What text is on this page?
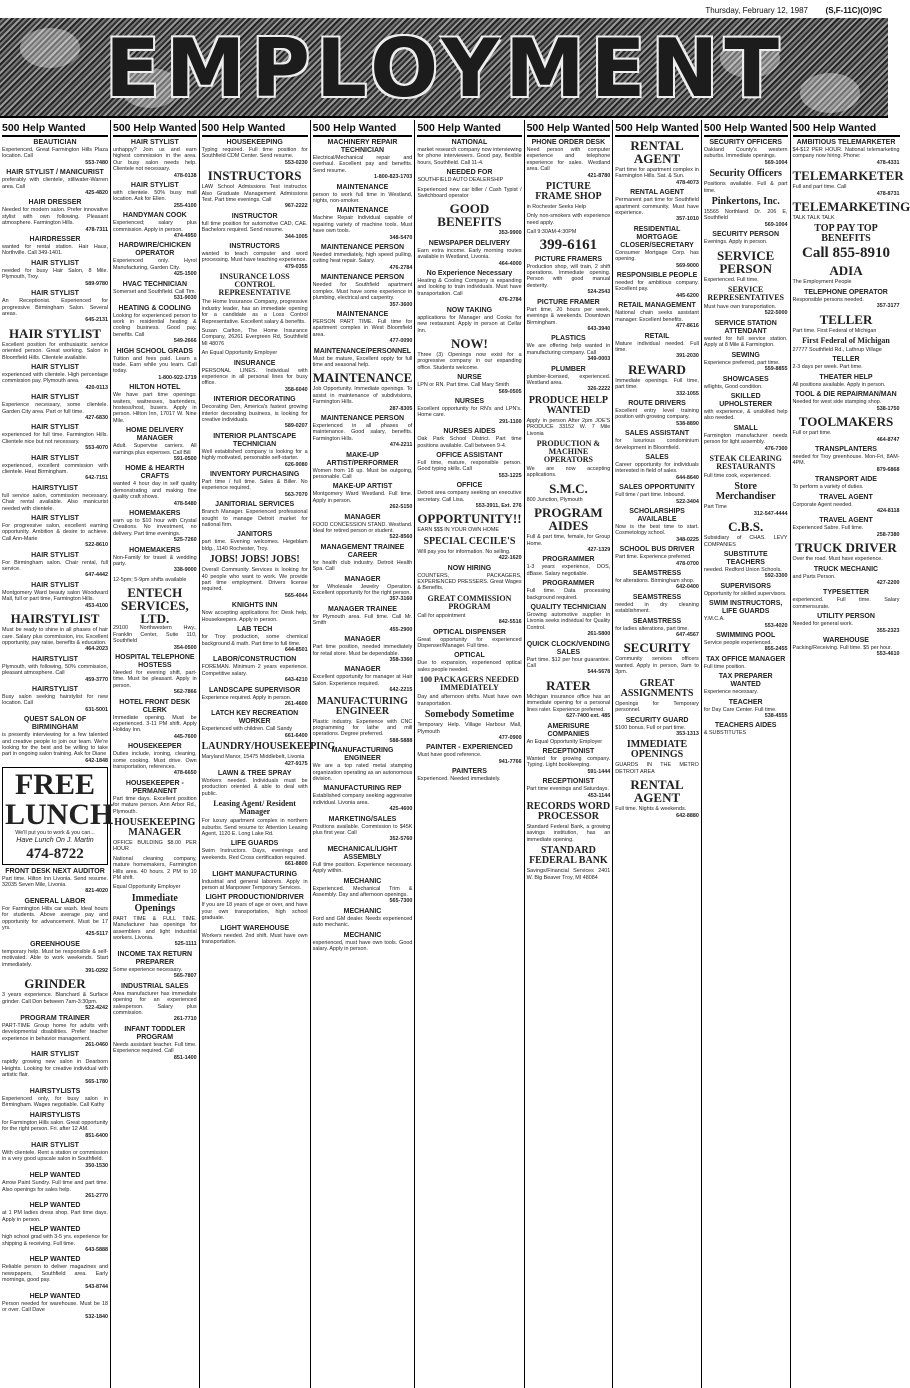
Thursday, February 12, 1987 (S,F-11C)(O)9C
EMPLOYMENT
500 Help Wanted
BEAUTICIAN
Experienced, Great Farmington Hills Plaza location. Call
553-7480
HAIR STYLIST / MANICURIST
preferably with clientele, stillwater-Warren area. Call
425-4820
HAIR DRESSER
Needed for modern salon. Prefer innovative stylist with own following. Pleasant atmosphere. Farmington Hills.
478-7311
HAIRDRESSER
wanted for rental station. Hair Haus, Northville. Call 349-1401.
HAIR STYLIST
needed for busy Hair Salon, 8 Mile. Plymouth, Troy.
589-9780
HAIR STYLIST
An Receptionist. Experienced for progressive Birmingham Salon. Several areas.
645-2131
HAIR STYLIST
Excellent position for enthusiastic service oriented person. Great working. Salon in Bloomfield Hills. Clientele available.
HAIR STYLIST
experienced with clientele. High percentage commission pay. Plymouth area.
420-0113
HAIR STYLIST
Experience necessary, some clientele. Garden City area. Part or full time.
427-6830
HAIR STYLIST
experienced for full time. Farmington Hills. Clientele nice but not necessary.
553-4070
HAIR STYLIST
experienced, excellent commission with clientele. Heat Birmingham.
642-7151
HAIRSTYLIST
full service salon, commission necessary. Chair rental available. Also manicurist needed with clientele.
HAIR STYLIST
For progressive salon, excellent earning opportunity. Ambition & desire to achieve. Call Ann-Marie
522-8610
HAIR STYLIST
For Birmingham salon. Chair rental, full service.
647-4442
HAIR STYLIST
Montgomery Ward beauty salon Woodward Mall, full or part time, Farmington Hills.
453-4100
HAIRSTYLIST
Must be ready to shine in all phases of hair care. Salary plus commission, ins. Excellent opportunity, pay raise, benefits & education.
464-2023
HAIRSTYLIST
Plymouth, with following, 50% commission, pleasant atmosphere. Call
459-3770
HAIRSTYLIST
Busy salon seeking hairstylist for new location. Call
631-5001
QUEST SALON OF BIRMINGHAM
is presently interviewing for a few talented and creative people to join our team. We're looking for the best and be willing to take part in ongoing salon training. Ask for Diane
642-1848
FREE
LUNCH
We'll put you to work & you can...
Have Lunch On J. Martin
474-8722
FRONT DESK NEXT AUDITOR
Part time. Hilton Inn Livonia. Send resume. 32035 Seven Mile, Livonia.
821-4020
GENERAL LABOR
For Farmington Hills car wash. Ideal hours for students. Above average pay and opportunity for advancement. Must be 17 yrs.
425-5117
GREENHOUSE
temporary help. Must be responsible & self-motivated. Able to work weekends. Start immediately.
391-0292
GRINDER
3 years experience. Blanchard & Surface grinder. Call Don between 7am-3:30pm.
522-4242
PROGRAM TRAINER
PART-TIME Group home for adults with developmental disabilities. Prefer teacher experience in behavior management.
261-0460
HAIR STYLIST
rapidly growing new salon in Dearborn Heights. Looking for creative individual with artistic flair.
565-1780
HAIRSTYLISTS
Experienced only, for busy salon in Birmingham. Wages negotiable. Call Kathy
HAIRSTYLISTS
for Farmington Hills salon. Great opportunity for the right person. Fri. after 12 AM.
851-6400
HAIR STYLIST
With clientele. Rent a station or commission in a very good upscale salon in Southfield.
350-1530
HELP WANTED
Arrow Paint Sundry. Full time and part time. Also openings for sales help.
261-2770
HELP WANTED
at 1 PM ladies dress shop. Part time days. Apply in person.
HELP WANTED
high school grad with 3-5 yrs. experience for shipping & receiving. Full time.
643-5888
HELP WANTED
Reliable person to deliver magazines and newspapers, Southfield area. Early mornings, good pay.
543-8744
HELP WANTED
Person needed for warehouse. Must be 18 or over. Call Dave
532-1840
500 Help Wanted
HAIR STYLIST
unhappy? Join us and earn highest commission in the area. Our busy salon needs help. Clientele not necessary.
478-0138
HAIR STYLIST
with clientele. 50% busy mall location. Ask for Ellen.
255-4100
HANDYMAN COOK
Experienced; salary plus commission. Apply in person.
474-4950
HARDWIRE/CHICKEN OPERATOR
Experienced only. Hyrol Manufacturing, Garden City.
425-1500
HVAC TECHNICIAN
Somerset and Southfield. Call Tim.
531-9030
HEATING & COOLING
Looking for experienced person to work in residential heating & cooling business. Good pay, benefits. Call
549-2666
HIGH SCHOOL GRADS
Tuition and fees paid. Learn a trade. Earn while you learn. Call today.
1-800-922-1719
HILTON HOTEL
We have part time openings: waiters, waitresses, bartenders, hostess/host, busers. Apply in person. Hilton Inn, 17017 W. Nine Mile.
HOME DELIVERY MANAGER
Adult. Supervise carriers. All earnings plus expenses. Call Bill
591-0500
HOME & HEARTH CRAFTS
wanted 4 hour day in self quality demonstrating and making fine quality craft shows.
478-5480
HOMEMAKERS
earn up to $10 hour with Crystal Creations. No investment, no delivery. Part time evenings.
525-7260
HOMEMAKERS
Non-Family for travel & wedding party.
338-9000
12-5pm; 5-9pm shifts available
ENTECH SERVICES, LTD.
29100 Northwestern Hwy., Franklin Center, Suite 110, Southfield
354-0500
HOSPITAL TELEPHONE HOSTESS
Needed for evening shift, part-time. Must be pleasant. Apply in person.
562-7866
HOTEL FRONT DESK CLERK
Immediate opening. Must be experienced. 3-11 PM shift. Apply Holiday Inn.
445-7600
HOUSEKEEPER
Duties include, ironing, cleaning, some cooking. Must drive. Own transportation, references.
478-6650
HOUSEKEEPER - PERMANENT
Part time days. Excellent position for mature person. Ann Arbor Rd., Plymouth.
HOUSEKEEPING MANAGER
OFFICE BUILDING $8.00 PER HOUR
National cleaning company, mature homemakers, Farmington Hills area. 40 hours. 2 PM to 10 PM shift.
Equal Opportunity Employer
Immediate Openings
PART TIME & FULL TIME. Manufacturer has openings for assemblers and light industrial workers. Livonia.
525-1111
INCOME TAX RETURN PREPARER
Some experience necessary.
565-7807
INDUSTRIAL SALES
Area manufacturer has immediate opening for an experienced salesperson. Salary plus commission.
261-7710
INFANT TODDLER PROGRAM
Needs assistant teacher. Full time. Experience required. Call
851-1400
500 Help Wanted
HOUSEKEEPING
Typing required. Full time position for Southfield CDM Center. Send resume.
553-0230
INSTRUCTORS
LAW School Admissions Test instructor. Also Graduate Management Admissions Test. Part time evenings. Call
967-2222
INSTRUCTOR
full time position for automotive CAD, CAE. Bachelors required. Send resume.
344-1005
INSTRUCTORS
wanted to teach computer and word processing. Must have teaching experience.
479-0355
INSURANCE LOSS CONTROL REPRESENTATIVE
The Home Insurance Company, progressive industry leader, has an immediate opening for a candidate as a Loss Control Representative. Excellent salary & benefits.
Susan Carlton, The Home Insurance Company, 26261 Evergreen Rd, Southfield MI 48076
An Equal Opportunity Employer
INSURANCE
PERSONAL LINES. Individual with experience in all personal lines for busy office.
358-6040
INTERIOR DECORATING
Decorating Den, America's fastest growing interior decorating business, is looking for creative individuals.
589-0207
INTERIOR PLANTSCAPE TECHNICIAN
Well established company is looking for a highly motivated, personable self-starter.
626-9080
INVENTORY PURCHASING
Part time / full time. Sales & Biller. No experience required.
563-7070
JANITORIAL SERVICES
Branch Manager. Experienced professional sought to manage Detroit market for national firm.
JANITORS
part time. Evening welcomes. Hegeblam bldg., 1140 Rochester, Troy.
JOBS! JOBS! JOBS!
Overall Community Services is looking for 40 people who want to work. We provide part time employment. Drivers license required.
565-4044
KNIGHTS INN
Now accepting applications for: Desk help, Housekeepers. Apply in person.
LAB TECH
for Troy production, some chemical background & math. Part time to full time.
644-8501
LABOR/CONSTRUCTION
FOREMAN. Minimum 2 years experience. Competitive salary.
643-4210
LANDSCAPE SUPERVISOR
Experience required. Apply in person.
261-4600
LATCH KEY RECREATION WORKER
Experienced with children. Call Sandy
661-6400
LAUNDRY/HOUSEKEEPING
Maryland Manor, 15475 Middlebelt, Livonia
427-9175
LAWN & TREE SPRAY
Workers needed. Individuals must be production oriented & able to deal with public.
Leasing Agent/ Resident Manager
For luxury apartment complex in northern suburbs. Send resume to: Attention Leasing Agent, 1120 E. Long Lake Rd.
LIFE GUARDS
Swim Instructors. Days, evenings and weekends. Red Cross certification required.
661-8800
LIGHT MANUFACTURING
Industrial and general laborers. Apply in person at Manpower Temporary Services.
LIGHT PRODUCTION/DRIVER
If you are 18 years of age or over, and have your own transportation, high school graduate.
LIGHT WAREHOUSE
Workers needed. 2nd shift. Must have own transportation.
500 Help Wanted
MACHINERY REPAIR TECHNICIAN
Electrical/Mechanical repair and overhaul. Excellent pay and benefits. Send resume.
1-800-823-1703
MAINTENANCE
person to work full time in Westland, nights, non-smoker.
MAINTENANCE
Machine Repair Individual capable of repairing variety of machine tools. Must have own tools.
348-5470
MAINTENANCE PERSON
Needed immediately, high speed pulling, cutting heat repair. Salary.
476-2784
MAINTENANCE PERSON
Needed for Southfield apartment complex. Must have some experience in plumbing, electrical and carpentry.
357-3600
MAINTENANCE
PERSON PART TIME. Full time for apartment complex in West Bloomfield area.
477-0090
MAINTENANCE/PERSONNEL
Must be mature, Excellent oppty for full time and seasonal help.
MAINTENANCE
Job Opportunity. Immediate openings. To assist in maintenance of subdivisions, Farmington Hills.
287-8305
MAINTENANCE PERSON
Experienced in all phases of maintenance. Good salary, benefits. Farmington Hills.
474-2211
MAKE-UP ARTIST/PERFORMER
Women from 18 up. Must be outgoing, personable. Call
MAKE-UP ARTIST
Montgomery Ward Westland. Full time. Apply in person.
262-5150
MANAGER
FOOD CONCESSION STAND. Westland. Ideal for retired person or student.
522-8560
MANAGEMENT TRAINEE CAREER
for health club industry. Detroit Health Spa. Call
MANAGER
for Wholesale Jewelry Operation. Excellent opportunity for the right person.
357-3160
MANAGER TRAINEE
for Plymouth area. Full time. Call Mr. Smith
455-2900
MANAGER
Part time position, needed immediately for retail store. Must be dependable.
358-3360
MANAGER
Excellent opportunity for manager at Hair Salon. Experience required.
642-2215
MANUFACTURING ENGINEER
Plastic industry. Experience with CNC programming for lathe and mill operations. Degree preferred.
588-5888
MANUFACTURING ENGINEER
We are a top rated metal stamping organization operating as an autonomous division.
MANUFACTURING REP
Established company seeking aggressive individual. Livonia area.
425-4600
MARKETING/SALES
Positions available. Commission to $45K plus first year. Call
352-5760
MECHANICAL/LIGHT ASSEMBLY
Full time position. Experience necessary. Apply within.
MECHANIC
Experienced. Mechanical Trim & Assembly. Day and afternoon openings.
565-7300
MECHANIC
Ford and GM dealer. Needs experienced auto mechanic.
MECHANIC
experienced, must have own tools. Good salary. Apply in person.
500 Help Wanted
NATIONAL
market research company now interviewing for phone interviewers. Good pay, flexible hours, Southfield. Call 11-4.
NEEDED FOR
SOUTHFIELD AUTO DEALERSHIP
Experienced new car biller / Cash Typist / Switchboard operator
GOOD BENEFITS
353-9900
NEWSPAPER DELIVERY
Earn extra income. Early morning routes available in Westland, Livonia.
464-4000
No Experience Necessary
Heating & Cooling Company is expanding and looking to train individuals. Must have transportation. Call
476-2784
NOW TAKING
applications for Manager and Cooks for new restaurant. Apply in person at Cellar Inn.
NOW!
Three (3) Openings now exist for a progressive company in our expanding office. Students welcome.
NURSE
LPN or RN. Part time. Call Mary Smith
569-0505
NURSES
Excellent opportunity for RN's and LPN's. Home care.
291-1100
NURSES AIDES
Oak Park School District. Part time positions available. Call between 9-4.
OFFICE ASSISTANT
Full time, mature, responsible person. Good typing skills. Call
553-1225
OFFICE
Detroit area company seeking an executive secretary. Call Lisa.
553-3911, Ext. 276
OPPORTUNITY!!
EARN $$$ IN YOUR OWN HOME
SPECIAL CECILE'S
Will pay you for information. No selling.
422-1620
NOW HIRING
COUNTERS, PACKAGERS, EXPERIENCED PRESSERS. Great Wages & Benefits.
GREAT COMMISSION PROGRAM
Call for appointment
842-5516
OPTICAL DISPENSER
Great opportunity for experienced Dispenser/Manager. Full time.
OPTICAL
Due to expansion, experienced optical sales people needed.
100 PACKAGERS NEEDED IMMEDIATELY
Day and afternoon shifts. Must have own transportation.
Somebody Sometime
Temporary Help. Village Harbour Mall, Plymouth
477-0900
PAINTER - EXPERIENCED
Must have good reference.
941-7766
PAINTERS
Experienced. Needed immediately.
500 Help Wanted
PHONE ORDER DESK
Need person with computer experience and telephone experience for sales. Westland area. Call
421-8780
PICTURE FRAME SHOP
in Rochester Seeks Help
Only non-smokers with experience need apply.
Call 9:30AM-4:30PM
399-6161
PICTURE FRAMERS
Production shop, will train, 2 shift operations. Immediate opening. Person with good manual dexterity.
524-2543
PICTURE FRAMER
Part time, 20 hours per week, evenings & weekends. Downtown Birmingham.
643-3940
PLASTICS
We are offering help wanted in manufacturing company. Call
349-0003
PLUMBER
plumber-licensed, experienced. Westland area.
326-2222
PRODUCE HELP WANTED
Apply in person After 2pm JOE'S PRODUCE 33152 W. 7 Mile Livonia
PRODUCTION & MACHINE OPERATORS
We are now accepting applications.
S.M.C.
800 Junction, Plymouth
PROGRAM AIDES
Full & part time, female, for Group Home.
427-1329
PROGRAMMER
1-3 years experience, DOS, dBase. Salary negotiable.
PROGRAMMER
Full time. Data processing background required.
QUALITY TECHNICIAN
Growing automotive supplier in Livonia seeks individual for Quality Control.
261-5800
QUICK CLOCK/VENDING SALES
Part time. $12 per hour guarantee. Call
544-5678
RATER
Michigan insurance office has an immediate opening for a personal lines rater. Experience preferred.
627-7400 ext. 485
AMERISURE COMPANIES
An Equal Opportunity Employer
RECEPTIONIST
Wanted for growing company. Typing. Light bookkeeping.
591-1444
RECEPTIONIST
Part time evenings and Saturdays.
453-1144
RECORDS WORD PROCESSOR
Standard Federal Bank, a growing savings institution, has an immediate opening.
STANDARD FEDERAL BANK
Savings/Financial Services 2401 W. Big Beaver Troy, MI 48084
500 Help Wanted
RENTAL AGENT
Part time for apartment complex in Farmington Hills. Sat. & Sun.
478-4073
RENTAL AGENT
Permanent part time for Southfield apartment community. Must have experience.
357-1010
RESIDENTIAL MORTGAGE CLOSER/SECRETARY
Consumer Mortgage Corp. has opening.
569-9000
RESPONSIBLE PEOPLE
needed for ambitious company. Excellent pay.
445-6200
RETAIL MANAGEMENT
National chain seeks assistant manager. Excellent benefits.
477-8616
RETAIL
Mature individual needed. Full time.
391-2030
REWARD
Immediate openings. Full time, part time.
332-1055
ROUTE DRIVERS
Excellent entry level training position with growing company.
538-8890
SALES ASSISTANT
for luxurious condominium development in Bloomfield.
SALES
Career opportunity for individuals interested in field of sales.
644-8640
SALES OPPORTUNITY
Full time / part time. Inbound.
522-3404
SCHOLARSHIPS AVAILABLE
Now is the best time to start. Cosmetology school.
348-0225
SCHOOL BUS DRIVER
Part time. Experience preferred.
478-0700
SEAMSTRESS
for alterations. Birmingham shop.
642-0400
SEAMSTRESS
needed in dry cleaning establishment.
SEAMSTRESS
for ladies alterations, part time.
647-4567
SECURITY
Community services officers wanted. Apply in person, 9am to 3pm.
GREAT ASSIGNMENTS
Openings for Temporary personnel.
SECURITY GUARD
$100 bonus. Full or part time.
353-1313
IMMEDIATE OPENINGS
GUARDS IN THE METRO DETROIT AREA
RENTAL AGENT
Full time. Nights & weekends.
642-8880
500 Help Wanted
SECURITY OFFICERS
Oakland County's western suburbs. Immediate openings.
569-1004
Security Officers
Positions available. Full & part time.
Pinkertons, Inc.
15565 Northland Dr. 206 E, Southfield
569-1004
SECURITY PERSON
Evenings. Apply in person.
SERVICE PERSON
Experienced. Full time.
SERVICE REPRESENTATIVES
Must have own transportation.
522-5000
SERVICE STATION ATTENDANT
wanted for full service station. Apply at 8 Mile & Farmington.
SEWING
Experience preferred, part time.
559-8855
SHOWCASES
w/lights, Good condition.
SKILLED UPHOLSTERER
with experience, & unskilled help also needed.
SMALL
Farmington manufacturer needs person for light assembly.
476-7300
STEAK CLEARING RESTAURANTS
Full time cook, experienced.
Store Merchandiser
Part Time
312-547-4444
C.B.S.
Subsidiary of CHAS. LEVY COMPANIES
SUBSTITUTE TEACHERS
needed. Redford Union Schools.
592-3300
SUPERVISORS
Opportunity for skilled supervisors.
SWIM INSTRUCTORS, LIFE GUARDS
Y.M.C.A.
553-4020
SWIMMING POOL
Service people experienced.
855-2455
TAX OFFICE MANAGER
Full time position.
TAX PREPARER WANTED
Experience necessary.
TEACHER
for Day Care Center. Full time.
538-4555
TEACHERS AIDES
& SUBSTITUTES
500 Help Wanted
AMBITIOUS TELEMARKETER
$4-$12 PER HOUR. National telemarketing company now hiring. Phone:
478-4331
TELEMARKETER
Full and part time. Call
478-8731
TELEMARKETING
TALK TALK TALK
TOP PAY TOP BENEFITS
Call 855-8910
ADIA
The Employment People
TELEPHONE OPERATOR
Responsible persons needed.
357-3177
TELLER
Part time. First Federal of Michigan
First Federal of Michigan
27777 Southfield Rd., Lathrup Village
TELLER
2-3 days per week. Part time.
THEATER HELP
All positions available. Apply in person.
TOOL & DIE REPAIRMAN/MAN
Needed for west side stamping shop.
538-1750
TOOLMAKERS
Full or part time.
464-8747
TRANSPLANTERS
needed for Troy greenhouse. Mon-Fri, 8AM-4PM.
879-6868
TRANSPORT AIDE
To perform a variety of duties.
TRAVEL AGENT
Corporate Agent needed.
424-8118
TRAVEL AGENT
Experienced Sabre. Full time.
258-7380
TRUCK DRIVER
Over the road. Must have experience.
TRUCK MECHANIC
and Parts Person.
427-2200
TYPESETTER
experienced. Full time. Salary commensurate.
UTILITY PERSON
Needed for general work.
355-2323
WAREHOUSE
Packing/Receiving. Full time. $5 per hour.
553-4610
